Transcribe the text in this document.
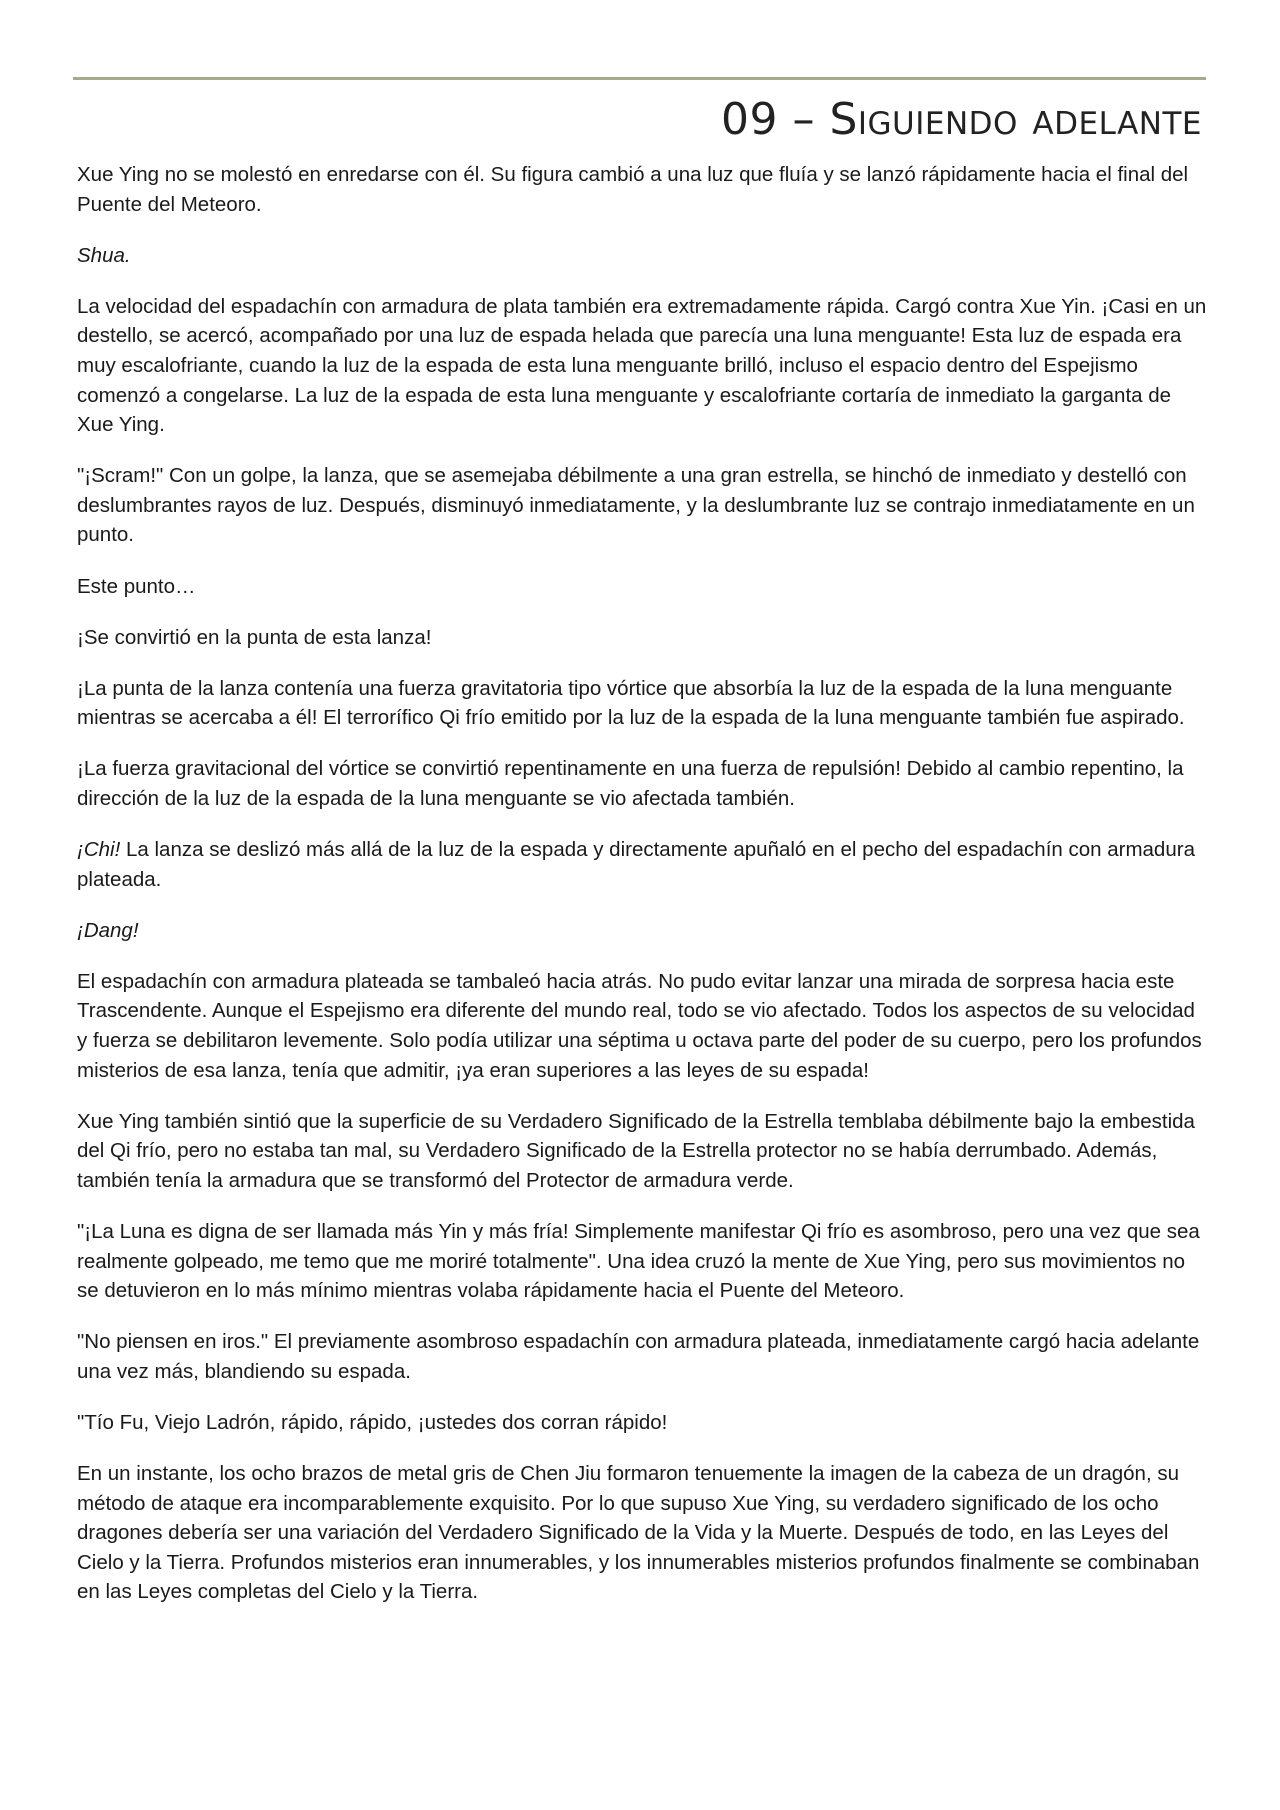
09 – Siguiendo adelante

Xue Ying no se molestó en enredarse con él. Su figura cambió a una luz que fluía y se lanzó rápidamente hacia el final del Puente del Meteoro.

Shua.

La velocidad del espadachín con armadura de plata también era extremadamente rápida. Cargó contra Xue Yin. ¡Casi en un destello, se acercó, acompañado por una luz de espada helada que parecía una luna menguante! Esta luz de espada era muy escalofriante, cuando la luz de la espada de esta luna menguante brilló, incluso el espacio dentro del Espejismo comenzó a congelarse. La luz de la espada de esta luna menguante y escalofriante cortaría de inmediato la garganta de Xue Ying.

"¡Scram!" Con un golpe, la lanza, que se asemejaba débilmente a una gran estrella, se hinchó de inmediato y destelló con deslumbrantes rayos de luz. Después, disminuyó inmediatamente, y la deslumbrante luz se contrajo inmediatamente en un punto.

Este punto…

¡Se convirtió en la punta de esta lanza!

¡La punta de la lanza contenía una fuerza gravitatoria tipo vórtice que absorbía la luz de la espada de la luna menguante mientras se acercaba a él! El terrorífico Qi frío emitido por la luz de la espada de la luna menguante también fue aspirado.

¡La fuerza gravitacional del vórtice se convirtió repentinamente en una fuerza de repulsión! Debido al cambio repentino, la dirección de la luz de la espada de la luna menguante se vio afectada también.

¡Chi! La lanza se deslizó más allá de la luz de la espada y directamente apuñaló en el pecho del espadachín con armadura plateada.

¡Dang!

El espadachín con armadura plateada se tambaleó hacia atrás. No pudo evitar lanzar una mirada de sorpresa hacia este Trascendente. Aunque el Espejismo era diferente del mundo real, todo se vio afectado. Todos los aspectos de su velocidad y fuerza se debilitaron levemente. Solo podía utilizar una séptima u octava parte del poder de su cuerpo, pero los profundos misterios de esa lanza, tenía que admitir, ¡ya eran superiores a las leyes de su espada!

Xue Ying también sintió que la superficie de su Verdadero Significado de la Estrella temblaba débilmente bajo la embestida del Qi frío, pero no estaba tan mal, su Verdadero Significado de la Estrella protector no se había derrumbado. Además, también tenía la armadura que se transformó del Protector de armadura verde.

"¡La Luna es digna de ser llamada más Yin y más fría! Simplemente manifestar Qi frío es asombroso, pero una vez que sea realmente golpeado, me temo que me moriré totalmente". Una idea cruzó la mente de Xue Ying, pero sus movimientos no se detuvieron en lo más mínimo mientras volaba rápidamente hacia el Puente del Meteoro.

"No piensen en iros." El previamente asombroso espadachín con armadura plateada, inmediatamente cargó hacia adelante una vez más, blandiendo su espada.

"Tío Fu, Viejo Ladrón, rápido, rápido, ¡ustedes dos corran rápido!

En un instante, los ocho brazos de metal gris de Chen Jiu formaron tenuemente la imagen de la cabeza de un dragón, su método de ataque era incomparablemente exquisito. Por lo que supuso Xue Ying, su verdadero significado de los ocho dragones debería ser una variación del Verdadero Significado de la Vida y la Muerte. Después de todo, en las Leyes del Cielo y la Tierra. Profundos misterios eran innumerables, y los innumerables misterios profundos finalmente se combinaban en las Leyes completas del Cielo y la Tierra.
